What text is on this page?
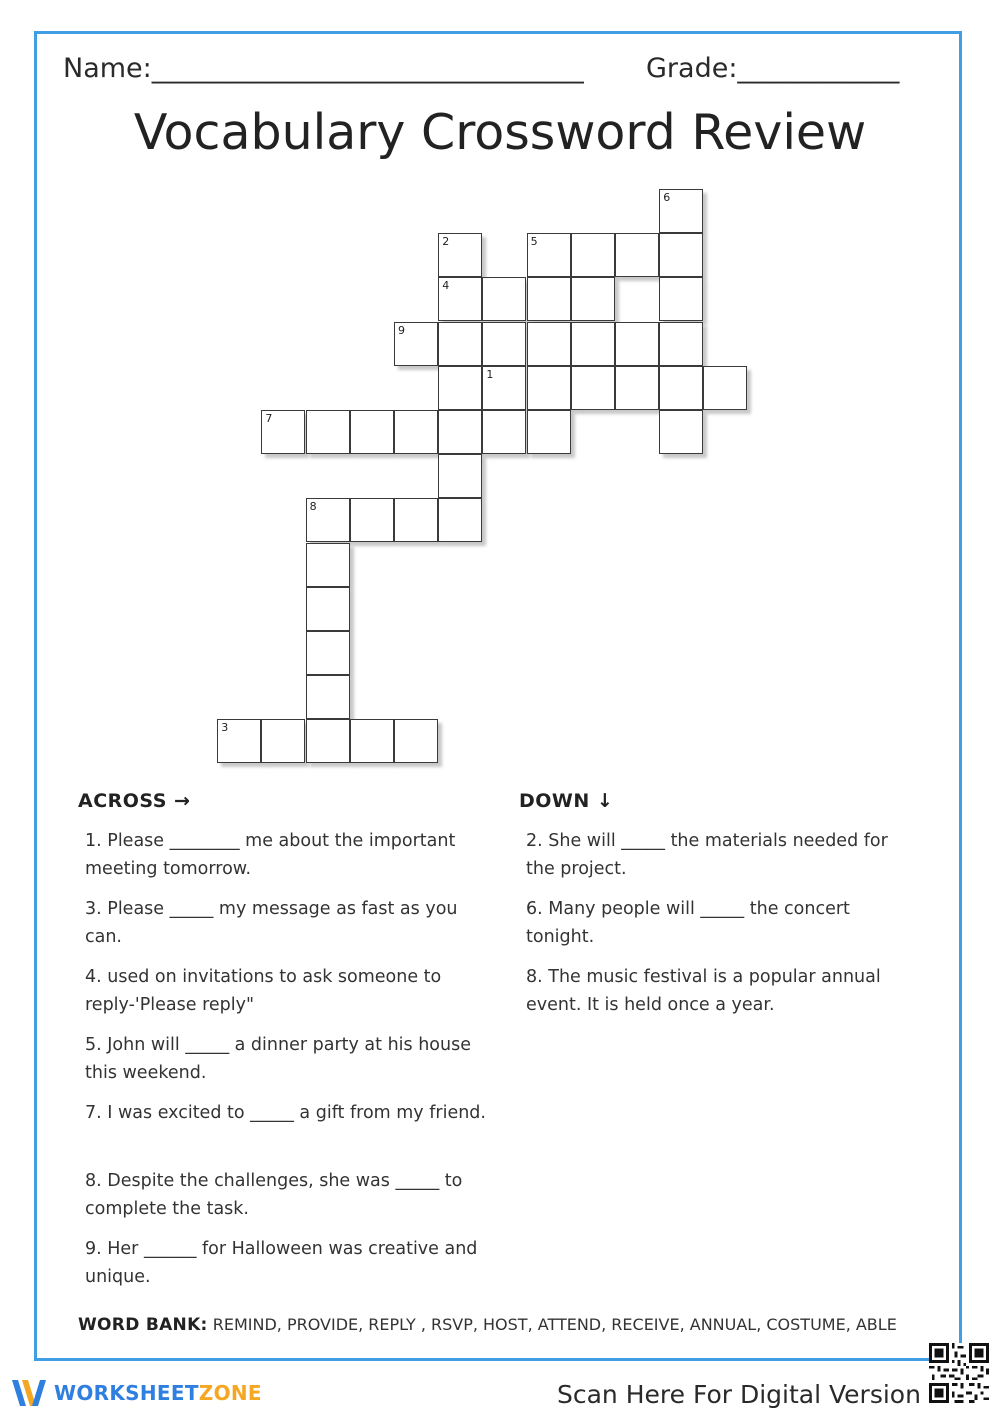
Name:________________________________ Grade:____________
Vocabulary Crossword Review
6
2	5
4
9
1
7
8
3
ACROSS →
1. Please ________ me about the important meeting tomorrow.
3. Please _____ my message as fast as you can.
4. used on invitations to ask someone to reply-'Please reply"
5. John will _____ a dinner party at his house this weekend.
7. I was excited to _____ a gift from my friend.
8. Despite the challenges, she was _____ to complete the task.
9. Her ______ for Halloween was creative and unique.
DOWN ↓
2. She will _____ the materials needed for the project.
6. Many people will _____ the concert tonight.
8. The music festival is a popular annual event. It is held once a year.
WORD BANK: REMIND, PROVIDE, REPLY , RSVP, HOST, ATTEND, RECEIVE, ANNUAL, COSTUME, ABLE
WORKSHEETZONE	Scan Here For Digital Version
